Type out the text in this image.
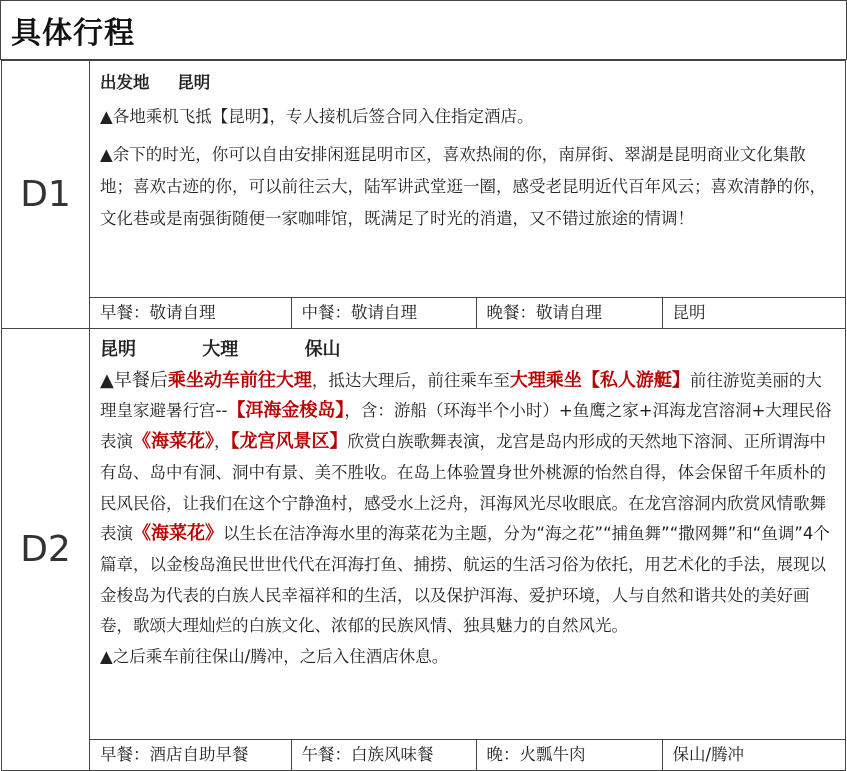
具体行程
D1	

出发地 昆明

▲各地乘机飞抵【昆明】，专人接机后签合同入住指定酒店。

▲余下的时光，你可以自由安排闲逛昆明市区，喜欢热闹的你，南屏街、翠湖是昆明商业文化集散地；喜欢古迹的你，可以前往云大，陆军讲武堂逛一圈，感受老昆明近代百年风云；喜欢清静的你，文化巷或是南强街随便一家咖啡馆，既满足了时光的消遣，又不错过旅途的情调！

早餐：敬请自理	中餐：敬请自理	晚餐：敬请自理	昆明

D2	

昆明	大理	保山

▲早餐后乘坐动车前往大理，抵达大理后，前往乘车至大理乘坐【私人游艇】前往游览美丽的大理皇家避暑行宫--【洱海金梭岛】，含：游船（环海半个小时）+鱼鹰之家+洱海龙宫溶洞+大理民俗表演《海菜花》，【龙宫风景区】欣赏白族歌舞表演，龙宫是岛内形成的天然地下溶洞、正所谓海中有岛、岛中有洞、洞中有景、美不胜收。在岛上体验置身世外桃源的怡然自得，体会保留千年质朴的民风民俗，让我们在这个宁静渔村，感受水上泛舟，洱海风光尽收眼底。在龙宫溶洞内欣赏风情歌舞表演《海菜花》以生长在洁净海水里的海菜花为主题，分为“海之花”“捕鱼舞”“撒网舞”和“鱼调”4个篇章，以金梭岛渔民世世代代在洱海打鱼、捕捞、航运的生活习俗为依托，用艺术化的手法，展现以金梭岛为代表的白族人民幸福祥和的生活，以及保护洱海、爱护环境，人与自然和谐共处的美好画卷，歌颂大理灿烂的白族文化、浓郁的民族风情、独具魅力的自然风光。

▲之后乘车前往保山/腾冲，之后入住酒店休息。

早餐：酒店自助早餐	午餐：白族风味餐	晚：火瓢牛肉	保山/腾冲
